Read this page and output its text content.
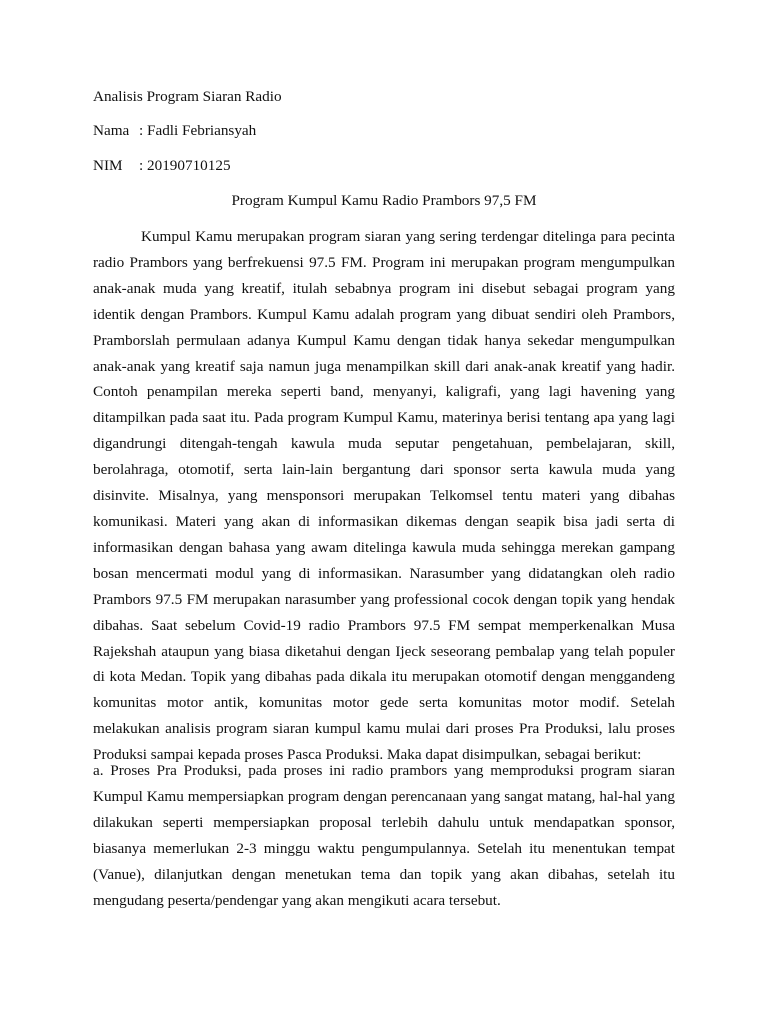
Analisis Program Siaran Radio
Nama : Fadli Febriansyah
NIM : 20190710125
Program Kumpul Kamu Radio Prambors 97,5 FM

Kumpul Kamu merupakan program siaran yang sering terdengar ditelinga para pecinta radio Prambors yang berfrekuensi 97.5 FM. Program ini merupakan program mengumpulkan anak-anak muda yang kreatif, itulah sebabnya program ini disebut sebagai program yang identik dengan Prambors. Kumpul Kamu adalah program yang dibuat sendiri oleh Prambors, Pramborslah permulaan adanya Kumpul Kamu dengan tidak hanya sekedar mengumpulkan anak-anak yang kreatif saja namun juga menampilkan skill dari anak-anak kreatif yang hadir. Contoh penampilan mereka seperti band, menyanyi, kaligrafi, yang lagi havening yang ditampilkan pada saat itu. Pada program Kumpul Kamu, materinya berisi tentang apa yang lagi digandrungi ditengah-tengah kawula muda seputar pengetahuan, pembelajaran, skill, berolahraga, otomotif, serta lain-lain bergantung dari sponsor serta kawula muda yang disinvite. Misalnya, yang mensponsori merupakan Telkomsel tentu materi yang dibahas komunikasi. Materi yang akan di informasikan dikemas dengan seapik bisa jadi serta di informasikan dengan bahasa yang awam ditelinga kawula muda sehingga merekan gampang bosan mencermati modul yang di informasikan. Narasumber yang didatangkan oleh radio Prambors 97.5 FM merupakan narasumber yang professional cocok dengan topik yang hendak dibahas. Saat sebelum Covid-19 radio Prambors 97.5 FM sempat memperkenalkan Musa Rajekshah ataupun yang biasa diketahui dengan Ijeck seseorang pembalap yang telah populer di kota Medan. Topik yang dibahas pada dikala itu merupakan otomotif dengan menggandeng komunitas motor antik, komunitas motor gede serta komunitas motor modif. Setelah melakukan analisis program siaran kumpul kamu mulai dari proses Pra Produksi, lalu proses Produksi sampai kepada proses Pasca Produksi. Maka dapat disimpulkan, sebagai berikut:

a. Proses Pra Produksi, pada proses ini radio prambors yang memproduksi program siaran Kumpul Kamu mempersiapkan program dengan perencanaan yang sangat matang, hal-hal yang dilakukan seperti mempersiapkan proposal terlebih dahulu untuk mendapatkan sponsor, biasanya memerlukan 2-3 minggu waktu pengumpulannya. Setelah itu menentukan tempat (Vanue), dilanjutkan dengan menetukan tema dan topik yang akan dibahas, setelah itu mengudang peserta/pendengar yang akan mengikuti acara tersebut.
